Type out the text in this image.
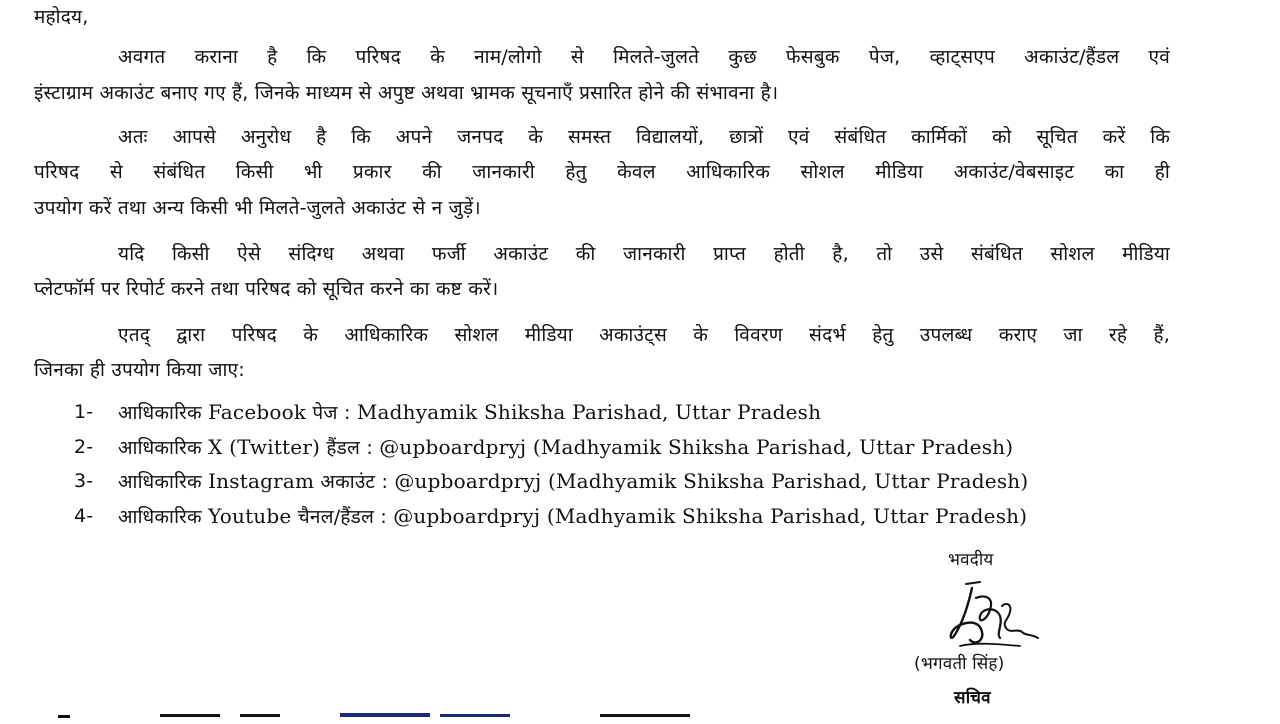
महोदय,
अवगत कराना है कि परिषद के नाम/लोगो से मिलते-जुलते कुछ फेसबुक पेज, व्हाट्सएप अकाउंट/हैंडल एवं
इंस्टाग्राम अकाउंट बनाए गए हैं, जिनके माध्यम से अपुष्ट अथवा भ्रामक सूचनाएँ प्रसारित होने की संभावना है।
अतः आपसे अनुरोध है कि अपने जनपद के समस्त विद्यालयों, छात्रों एवं संबंधित कार्मिकों को सूचित करें कि
परिषद से संबंधित किसी भी प्रकार की जानकारी हेतु केवल आधिकारिक सोशल मीडिया अकाउंट/वेबसाइट का ही
उपयोग करें तथा अन्य किसी भी मिलते-जुलते अकाउंट से न जुड़ें।
यदि किसी ऐसे संदिग्ध अथवा फर्जी अकाउंट की जानकारी प्राप्त होती है, तो उसे संबंधित सोशल मीडिया
प्लेटफॉर्म पर रिपोर्ट करने तथा परिषद को सूचित करने का कष्ट करें।
एतद् द्वारा परिषद के आधिकारिक सोशल मीडिया अकाउंट्स के विवरण संदर्भ हेतु उपलब्ध कराए जा रहे हैं,
जिनका ही उपयोग किया जाए:
1-	आधिकारिक Facebook पेज : Madhyamik Shiksha Parishad, Uttar Pradesh
2-	आधिकारिक X (Twitter) हैंडल : @upboardpryj (Madhyamik Shiksha Parishad, Uttar Pradesh)
3-	आधिकारिक Instagram अकाउंट : @upboardpryj (Madhyamik Shiksha Parishad, Uttar Pradesh)
4-	आधिकारिक Youtube चैनल/हैंडल : @upboardpryj (Madhyamik Shiksha Parishad, Uttar Pradesh)
भवदीय
(भगवती सिंह)
सचिव
